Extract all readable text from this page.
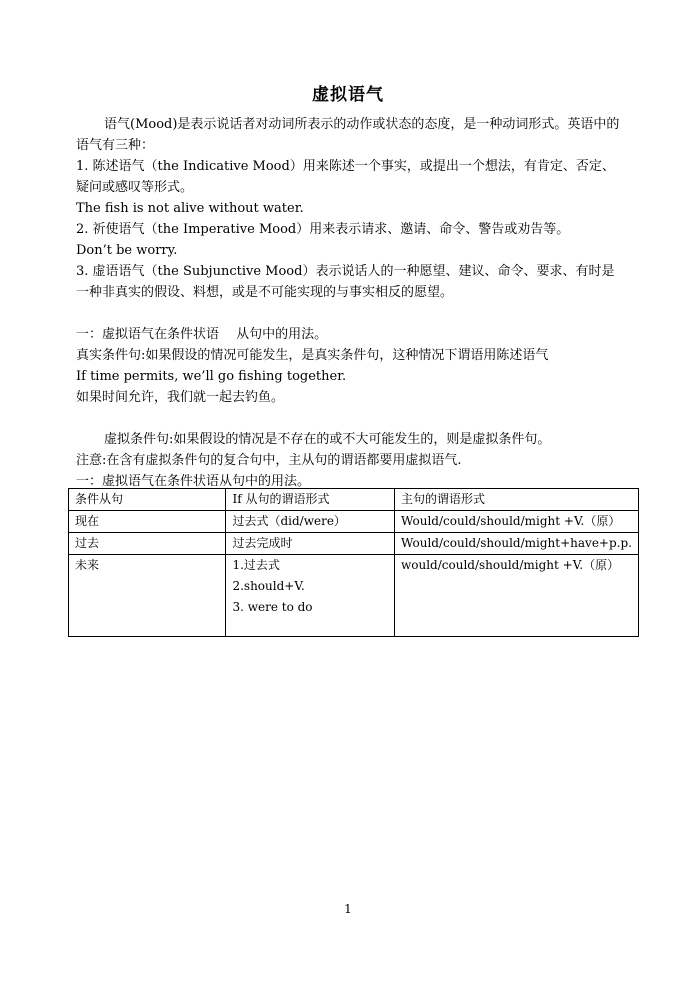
虚拟语气

语气(Mood)是表示说话者对动词所表示的动作或状态的态度，是一种动词形式。英语中的语气有三种：

1. 陈述语气（the Indicative Mood）用来陈述一个事实，或提出一个想法，有肯定、否定、疑问或感叹等形式。

The fish is not alive without water.

2. 祈使语气（the Imperative Mood）用来表示请求、邀请、命令、警告或劝告等。

Don’t be worry.

3. 虚语语气（the Subjunctive Mood）表示说话人的一种愿望、建议、命令、要求、有时是一种非真实的假设、料想，或是不可能实现的与事实相反的愿望。

一：虚拟语气在条件状语　 从句中的用法。

真实条件句:如果假设的情况可能发生，是真实条件句，这种情况下谓语用陈述语气

If time permits, we’ll go fishing together.

如果时间允许，我们就一起去钓鱼。

虚拟条件句:如果假设的情况是不存在的或不大可能发生的，则是虚拟条件句。

注意:在含有虚拟条件句的复合句中，主从句的谓语都要用虚拟语气.

一：虚拟语气在条件状语从句中的用法。

条件从句	If 从句的谓语形式	主句的谓语形式
现在	过去式（did/were）	Would/could/should/might +V.（原）
过去	过去完成时	Would/could/should/might+have+p.p.
未来	1.过去式
2.should+V.
3. were to do	would/could/should/might +V.（原）
1
